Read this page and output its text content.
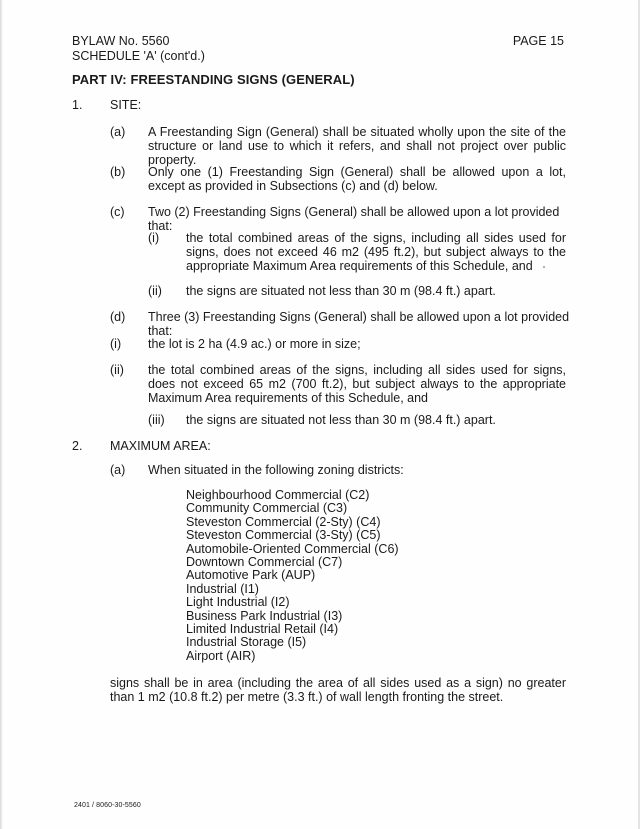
BYLAW No. 5560
SCHEDULE 'A' (cont'd.)
PAGE 15
PART IV: FREESTANDING SIGNS (GENERAL)
1. SITE:
(a) A Freestanding Sign (General) shall be situated wholly upon the site of the structure or land use to which it refers, and shall not project over public property.
(b) Only one (1) Freestanding Sign (General) shall be allowed upon a lot, except as provided in Subsections (c) and (d) below.
(c) Two (2) Freestanding Signs (General) shall be allowed upon a lot provided that:
(i) the total combined areas of the signs, including all sides used for signs, does not exceed 46 m2 (495 ft.2), but subject always to the appropriate Maximum Area requirements of this Schedule, and
(ii) the signs are situated not less than 30 m (98.4 ft.) apart.
(d) Three (3) Freestanding Signs (General) shall be allowed upon a lot provided that:
(i) the lot is 2 ha (4.9 ac.) or more in size;
(ii) the total combined areas of the signs, including all sides used for signs, does not exceed 65 m2 (700 ft.2), but subject always to the appropriate Maximum Area requirements of this Schedule, and
(iii) the signs are situated not less than 30 m (98.4 ft.) apart.
2. MAXIMUM AREA:
(a) When situated in the following zoning districts:
Neighbourhood Commercial (C2)
Community Commercial (C3)
Steveston Commercial (2-Sty) (C4)
Steveston Commercial (3-Sty) (C5)
Automobile-Oriented Commercial (C6)
Downtown Commercial (C7)
Automotive Park (AUP)
Industrial (I1)
Light Industrial (I2)
Business Park Industrial (I3)
Limited Industrial Retail (I4)
Industrial Storage (I5)
Airport (AIR)
signs shall be in area (including the area of all sides used as a sign) no greater than 1 m2 (10.8 ft.2) per metre (3.3 ft.) of wall length fronting the street.
2401 / 8060-30-5560
